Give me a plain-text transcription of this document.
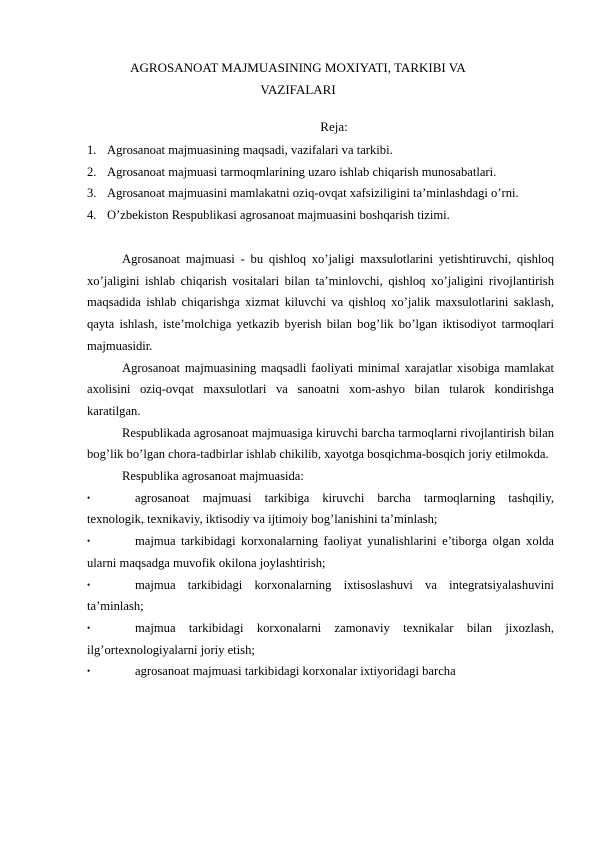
AGROSANOAT MAJMUASINING MOXIYATI, TARKIBI VA
VAZIFALARI
Reja:
1. Agrosanoat majmuasining maqsadi, vazifalari va tarkibi.
2. Agrosanoat majmuasi tarmoqmlarining uzaro ishlab chiqarish munosabatlari.
3. Agrosanoat majmuasini mamlakatni oziq-ovqat xafsiziligini ta’minlashdagi o’rni.
4. O’zbekiston Respublikasi agrosanoat majmuasini boshqarish tizimi.

Agrosanoat majmuasi - bu qishloq xo’jaligi maxsulotlarini yetishtiruvchi, qishloq xo’jaligini ishlab chiqarish vositalari bilan ta’minlovchi, qishloq xo’jaligini rivojlantirish maqsadida ishlab chiqarishga xizmat kiluvchi va qishloq xo’jalik maxsulotlarini saklash, qayta ishlash, iste’molchiga yetkazib byerish bilan bog’lik bo’lgan iktisodiyot tarmoqlari majmuasidir.

Agrosanoat majmuasining maqsadli faoliyati minimal xarajatlar xisobiga mamlakat axolisini oziq-ovqat maxsulotlari va sanoatni xom-ashyo bilan tularok kondirishga karatilgan.

Respublikada agrosanoat majmuasiga kiruvchi barcha tarmoqlarni rivojlantirish bilan bog’lik bo’lgan chora-tadbirlar ishlab chikilib, xayotga bosqichma-bosqich joriy etilmokda.

Respublika agrosanoat majmuasida:

•	agrosanoat majmuasi tarkibiga kiruvchi barcha tarmoqlarning tashqiliy, texnologik, texnikaviy, iktisodiy va ijtimoiy bog’lanishini ta’minlash;

•	majmua tarkibidagi korxonalarning faoliyat yunalishlarini e’tiborga olgan xolda ularni maqsadga muvofik okilona joylashtirish;

•	majmua tarkibidagi korxonalarning ixtisoslashuvi va integratsiyalashuvini ta’minlash;

•	majmua tarkibidagi korxonalarni zamonaviy texnikalar bilan jixozlash, ilg’ortexnologiyalarni joriy etish;

•	agrosanoat majmuasi tarkibidagi korxonalar ixtiyoridagi barcha
